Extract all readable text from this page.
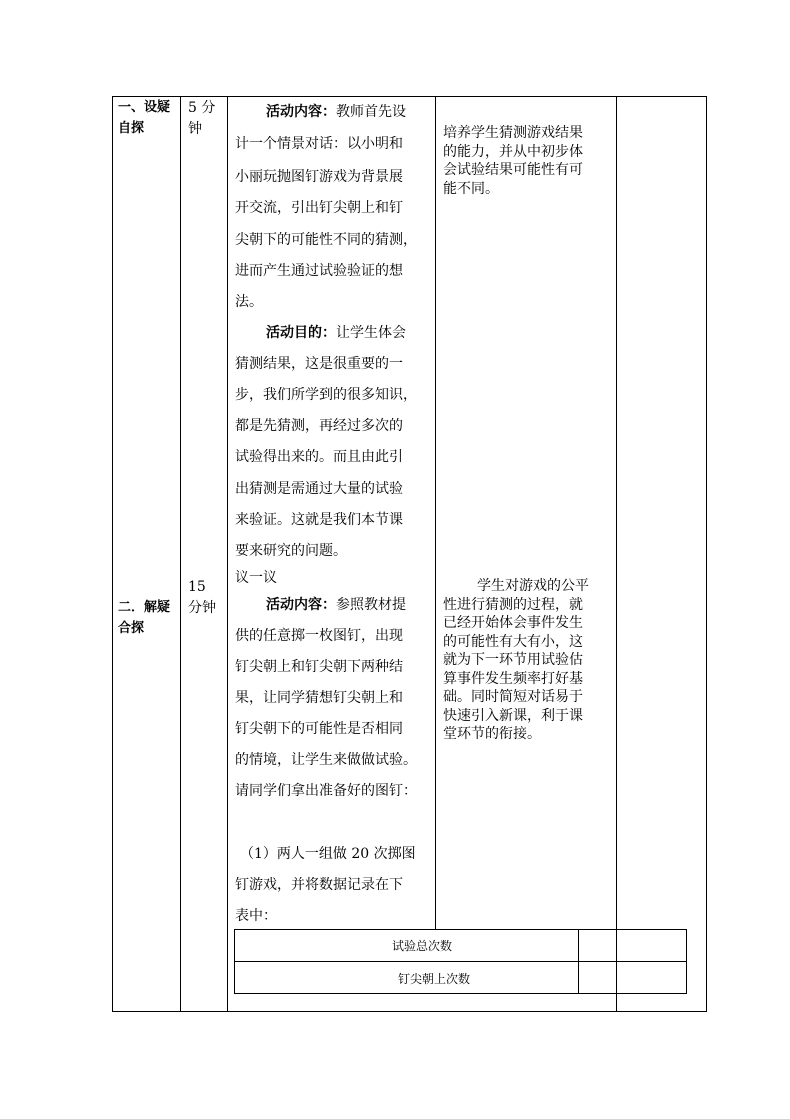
一、设疑
自探
5 分
钟

活动内容：教师首先设

计一个情景对话：以小明和

小丽玩抛图钉游戏为背景展

开交流，引出钉尖朝上和钉

尖朝下的可能性不同的猜测，

进而产生通过试验验证的想

法。

活动目的：让学生体会

猜测结果，这是很重要的一

步，我们所学到的很多知识，

都是先猜测，再经过多次的

试验得出来的。而且由此引

出猜测是需通过大量的试验

来验证。这就是我们本节课

要来研究的问题。

培养学生猜测游戏结果
的能力，并从中初步体
会试验结果可能性有可
能不同。
二．解疑
合探
15
分钟

议一议

活动内容：参照教材提

供的任意掷一枚图钉，出现

钉尖朝上和钉尖朝下两种结

果，让同学猜想钉尖朝上和

钉尖朝下的可能性是否相同

的情境，让学生来做做试验。

请同学们拿出准备好的图钉：

（1）两人一组做 20 次掷图

钉游戏，并将数据记录在下

表中：

学生对游戏的公平
性进行猜测的过程，就
已经开始体会事件发生
的可能性有大有小，这
就为下一环节用试验估
算事件发生频率打好基
础。同时简短对话易于
快速引入新课，利于课
堂环节的衔接。
试验总次数
钉尖朝上次数
